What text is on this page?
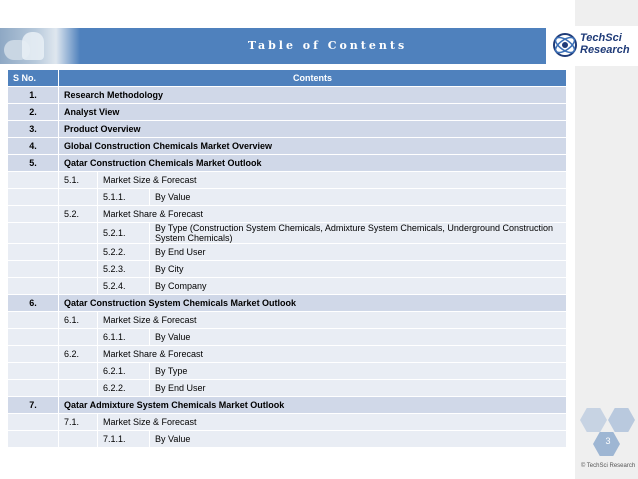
Table of Contents
TechSci
Research
S No.	Contents		
1.	Research Methodology		
2.	Analyst View		
3.	Product Overview		
4.	Global Construction Chemicals Market Overview		
5.	Qatar Construction Chemicals Market Outlook		
	5.1.	Market Size & Forecast	
		5.1.1.	By Value
	5.2.	Market Share & Forecast	
		5.2.1.	By Type (Construction System Chemicals, Admixture System Chemicals, Underground Construction System Chemicals)
		5.2.2.	By End User
		5.2.3.	By City
		5.2.4.	By Company
6.	Qatar Construction System Chemicals Market Outlook		
	6.1.	Market Size & Forecast	
		6.1.1.	By Value
	6.2.	Market Share & Forecast	
		6.2.1.	By Type
		6.2.2.	By End User
7.	Qatar Admixture System Chemicals Market Outlook		
	7.1.	Market Size & Forecast	
		7.1.1.	By Value	3
© TechSci Research
